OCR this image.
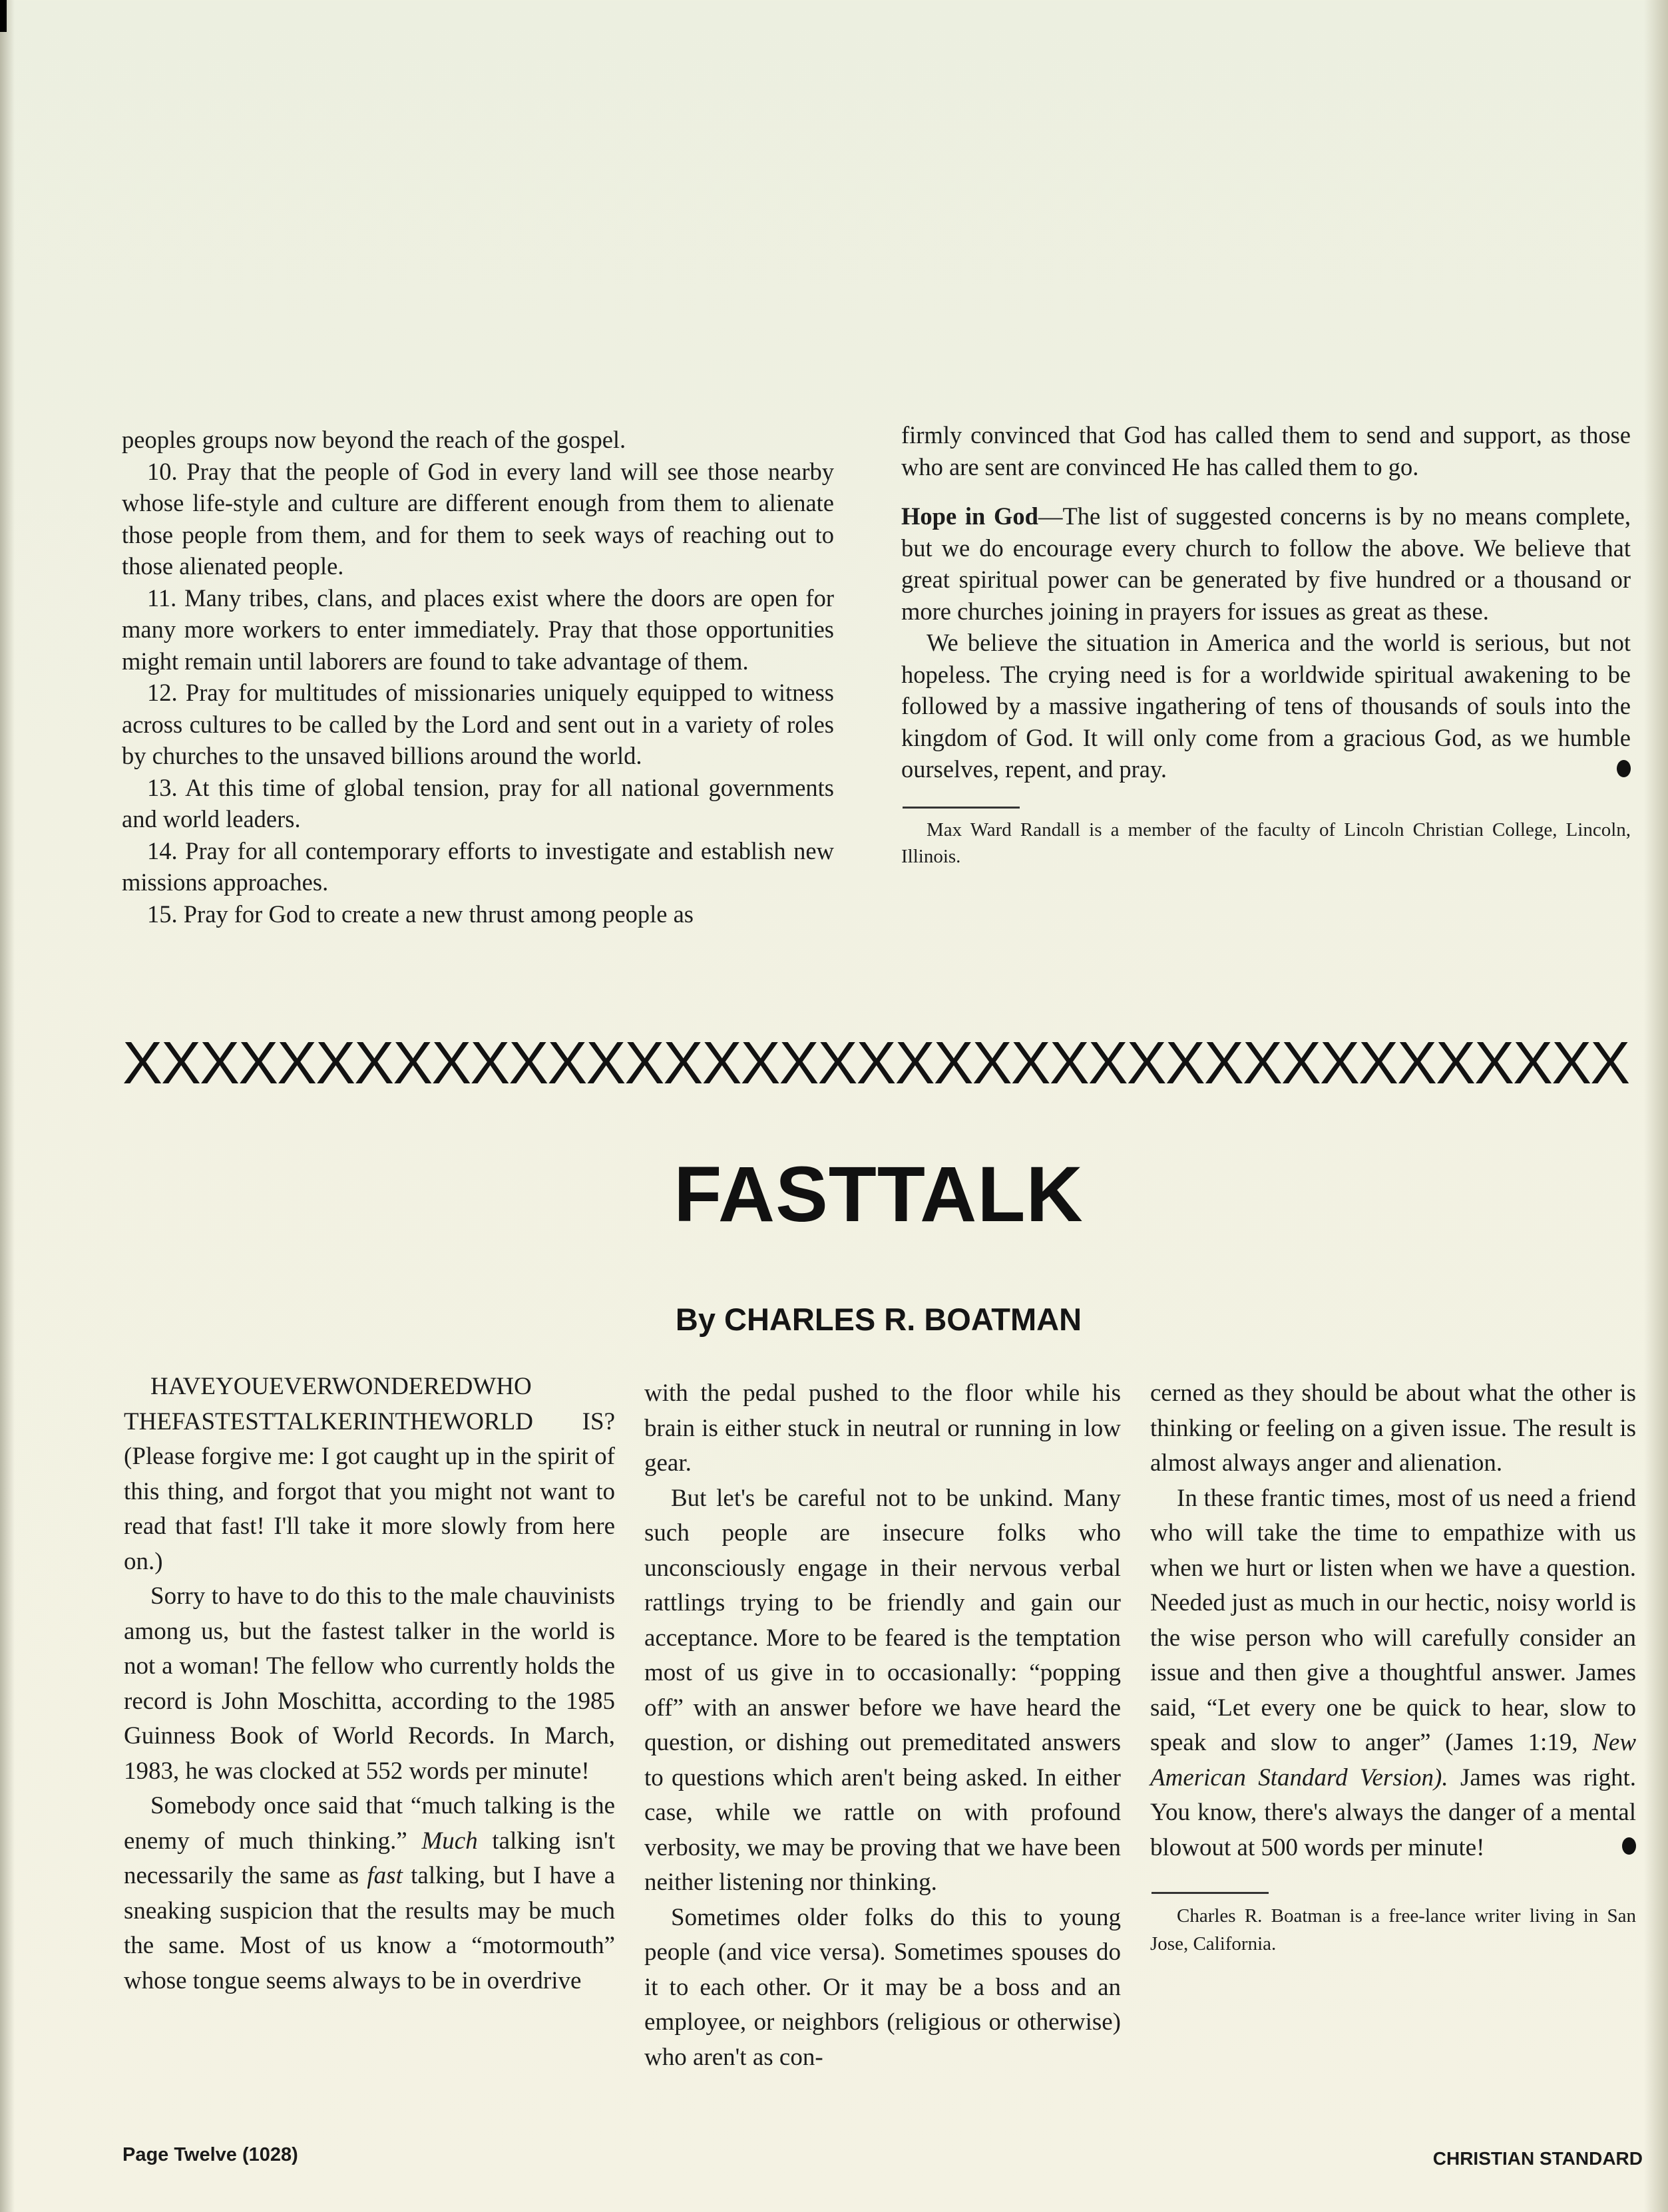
peoples groups now beyond the reach of the gospel.

10. Pray that the people of God in every land will see those nearby whose life-style and culture are different enough from them to alienate those people from them, and for them to seek ways of reaching out to those alienated people.

11. Many tribes, clans, and places exist where the doors are open for many more workers to enter immediately. Pray that those opportunities might remain until laborers are found to take advantage of them.

12. Pray for multitudes of missionaries uniquely equipped to witness across cultures to be called by the Lord and sent out in a variety of roles by churches to the unsaved billions around the world.

13. At this time of global tension, pray for all national governments and world leaders.

14. Pray for all contemporary efforts to investigate and establish new missions approaches.

15. Pray for God to create a new thrust among people as

firmly convinced that God has called them to send and support, as those who are sent are convinced He has called them to go.

Hope in God—The list of suggested concerns is by no means complete, but we do encourage every church to follow the above. We believe that great spiritual power can be generated by five hundred or a thousand or more churches joining in prayers for issues as great as these.

We believe the situation in America and the world is serious, but not hopeless. The crying need is for a worldwide spiritual awakening to be followed by a massive ingathering of tens of thousands of souls into the kingdom of God. It will only come from a gracious God, as we humble ourselves, repent, and pray.

Max Ward Randall is a member of the faculty of Lincoln Christian College, Lincoln, Illinois.

XXXXXXXXXXXXXXXXXXXXXXXXXXXXXXXXXXXXXXX
FASTTALK
By CHARLES R. BOATMAN

HAVEYOUEVERWONDEREDWHO THEFASTESTTALKERINTHEWORLD IS? (Please forgive me: I got caught up in the spirit of this thing, and forgot that you might not want to read that fast! I'll take it more slowly from here on.)

Sorry to have to do this to the male chauvinists among us, but the fastest talker in the world is not a woman! The fellow who currently holds the record is John Moschitta, according to the 1985 Guinness Book of World Records. In March, 1983, he was clocked at 552 words per minute!

Somebody once said that “much talking is the enemy of much thinking.” Much talking isn't necessarily the same as fast talking, but I have a sneaking suspicion that the results may be much the same. Most of us know a “motormouth” whose tongue seems always to be in overdrive

with the pedal pushed to the floor while his brain is either stuck in neutral or running in low gear.

But let's be careful not to be unkind. Many such people are insecure folks who unconsciously engage in their nervous verbal rattlings trying to be friendly and gain our acceptance. More to be feared is the temptation most of us give in to occasionally: “popping off” with an answer before we have heard the question, or dishing out premeditated answers to questions which aren't being asked. In either case, while we rattle on with profound verbosity, we may be proving that we have been neither listening nor thinking.

Sometimes older folks do this to young people (and vice versa). Sometimes spouses do it to each other. Or it may be a boss and an employee, or neighbors (religious or otherwise) who aren't as con-

cerned as they should be about what the other is thinking or feeling on a given issue. The result is almost always anger and alienation.

In these frantic times, most of us need a friend who will take the time to empathize with us when we hurt or listen when we have a question. Needed just as much in our hectic, noisy world is the wise person who will carefully consider an issue and then give a thoughtful answer. James said, “Let every one be quick to hear, slow to speak and slow to anger” (James 1:19, New American Standard Version). James was right. You know, there's always the danger of a mental blowout at 500 words per minute!

Charles R. Boatman is a free-lance writer living in San Jose, California.

Page Twelve (1028)	CHRISTIAN STANDARD
